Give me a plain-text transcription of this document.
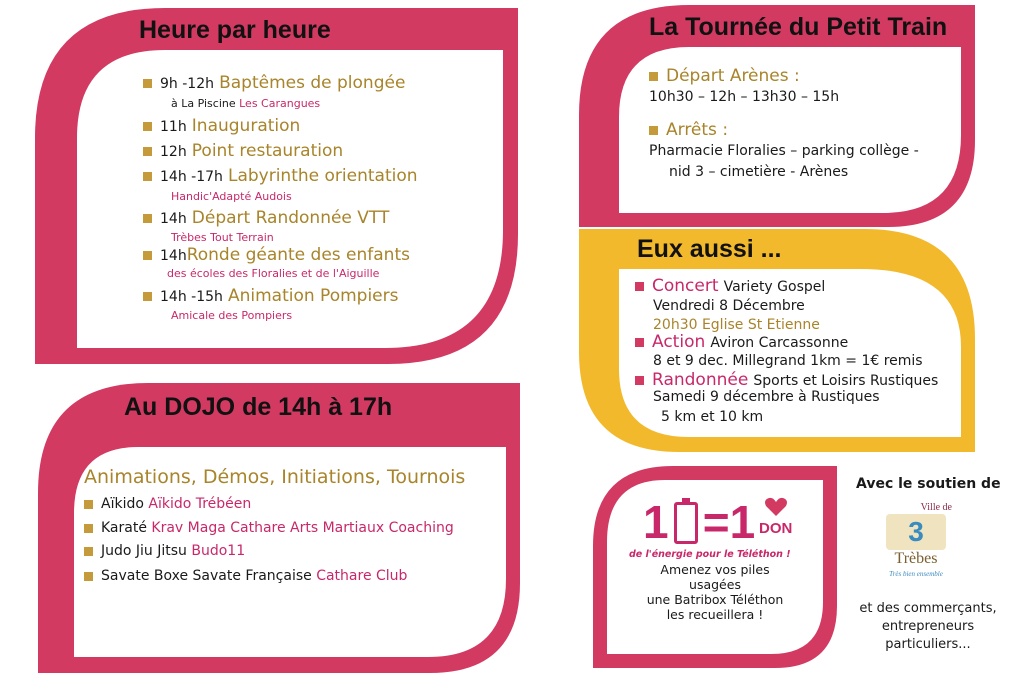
Heure par heure
9h -12h Baptêmes de plongée
à La Piscine Les Carangues
11h Inauguration
12h Point restauration
14h -17h Labyrinthe orientation
Handic'Adapté Audois
14h Départ Randonnée VTT
Trèbes Tout Terrain
14hRonde géante des enfants
des écoles des Floralies et de l'Aiguille
14h -15h Animation Pompiers
Amicale des Pompiers
La Tournée du Petit Train
Départ Arènes :
10h30 – 12h – 13h30 – 15h
Arrêts :
Pharmacie Floralies – parking collège -
nid 3 – cimetière - Arènes
Eux aussi ...
Concert Variety Gospel
Vendredi 8 Décembre
20h30 Eglise St Etienne
Action Aviron Carcassonne
8 et 9 dec. Millegrand 1km = 1€ remis
Randonnée Sports et Loisirs Rustiques
Samedi 9 décembre à Rustiques
5 km et 10 km
Au DOJO de 14h à 17h
Animations, Démos, Initiations, Tournois
Aïkido Aïkido Trébéen
Karaté Krav Maga Cathare Arts Martiaux Coaching
Judo Jiu Jitsu Budo11
Savate Boxe Savate Française Cathare Club
1 =1 DON
de l'énergie pour le Téléthon !
Amenez vos piles
usagées
une Batribox Téléthon
les recueillera !
Avec le soutien de
Ville de
3
Trèbes
Très bien ensemble
et des commerçants,
entrepreneurs
particuliers...
